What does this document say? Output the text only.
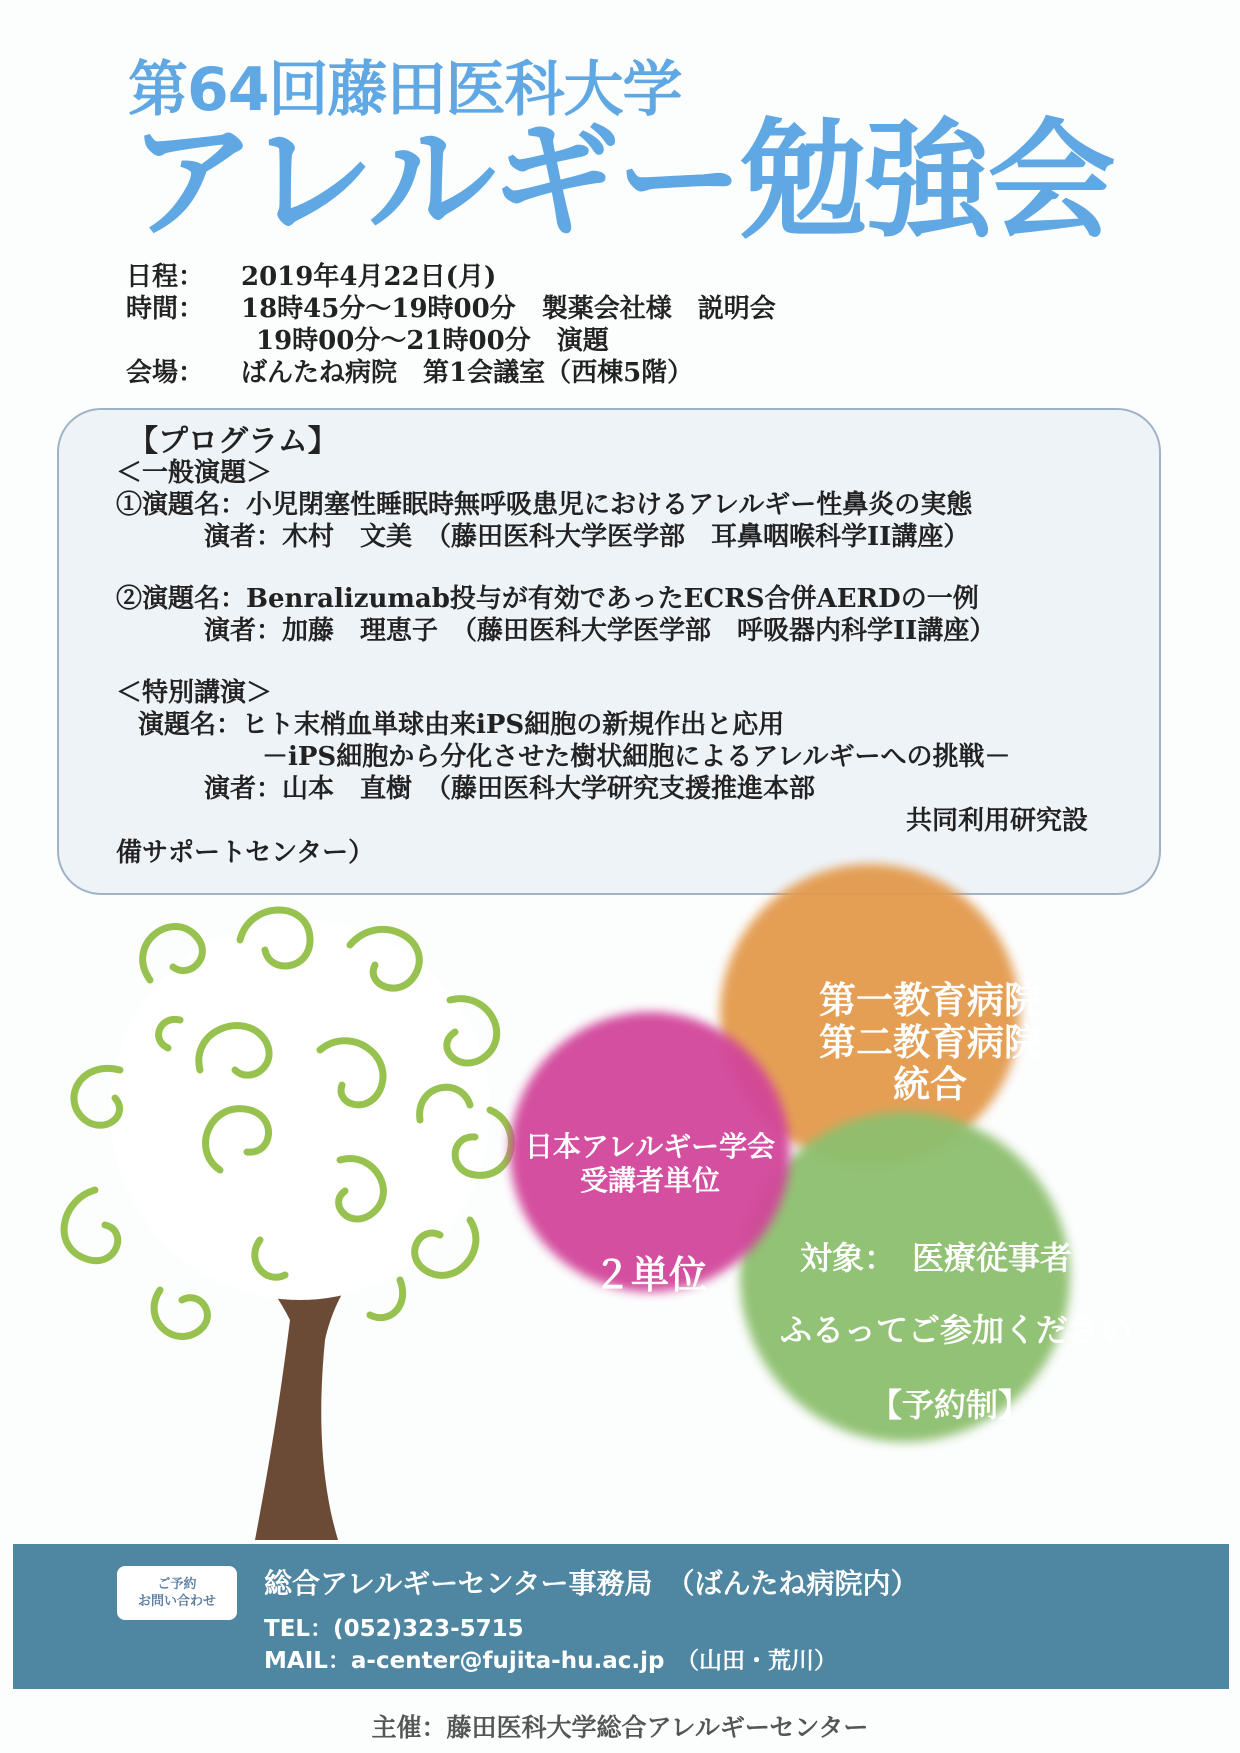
第64回藤田医科大学
アレルギー勉強会
日程： 2019年4月22日(月)
時間： 18時45分～19時00分　製薬会社様　説明会
19時00分～21時00分　演題
会場： ばんたね病院　第1会議室（西棟5階）
【プログラム】
＜一般演題＞
①演題名：小児閉塞性睡眠時無呼吸患児におけるアレルギー性鼻炎の実態
演者：木村　文美　（藤田医科大学医学部　耳鼻咽喉科学II講座）
②演題名：Benralizumab投与が有効であったECRS合併AERDの一例
演者：加藤　理恵子　（藤田医科大学医学部　呼吸器内科学II講座）
＜特別講演＞
演題名：ヒト末梢血単球由来iPS細胞の新規作出と応用
－iPS細胞から分化させた樹状細胞によるアレルギーへの挑戦－
演者：山本　直樹　（藤田医科大学研究支援推進本部
共同利用研究設
備サポートセンター）
第一教育病院
第二教育病院
統合
日本アレルギー学会
受講者単位
２単位	対象：　医療従事者
ふるってご参加ください
【予約制】
ご予約
お問い合わせ
総合アレルギーセンター事務局　（ばんたね病院内）
TEL：(052)323-5715
MAIL：a-center@fujita-hu.ac.jp　（山田・荒川）
主催：藤田医科大学総合アレルギーセンター
